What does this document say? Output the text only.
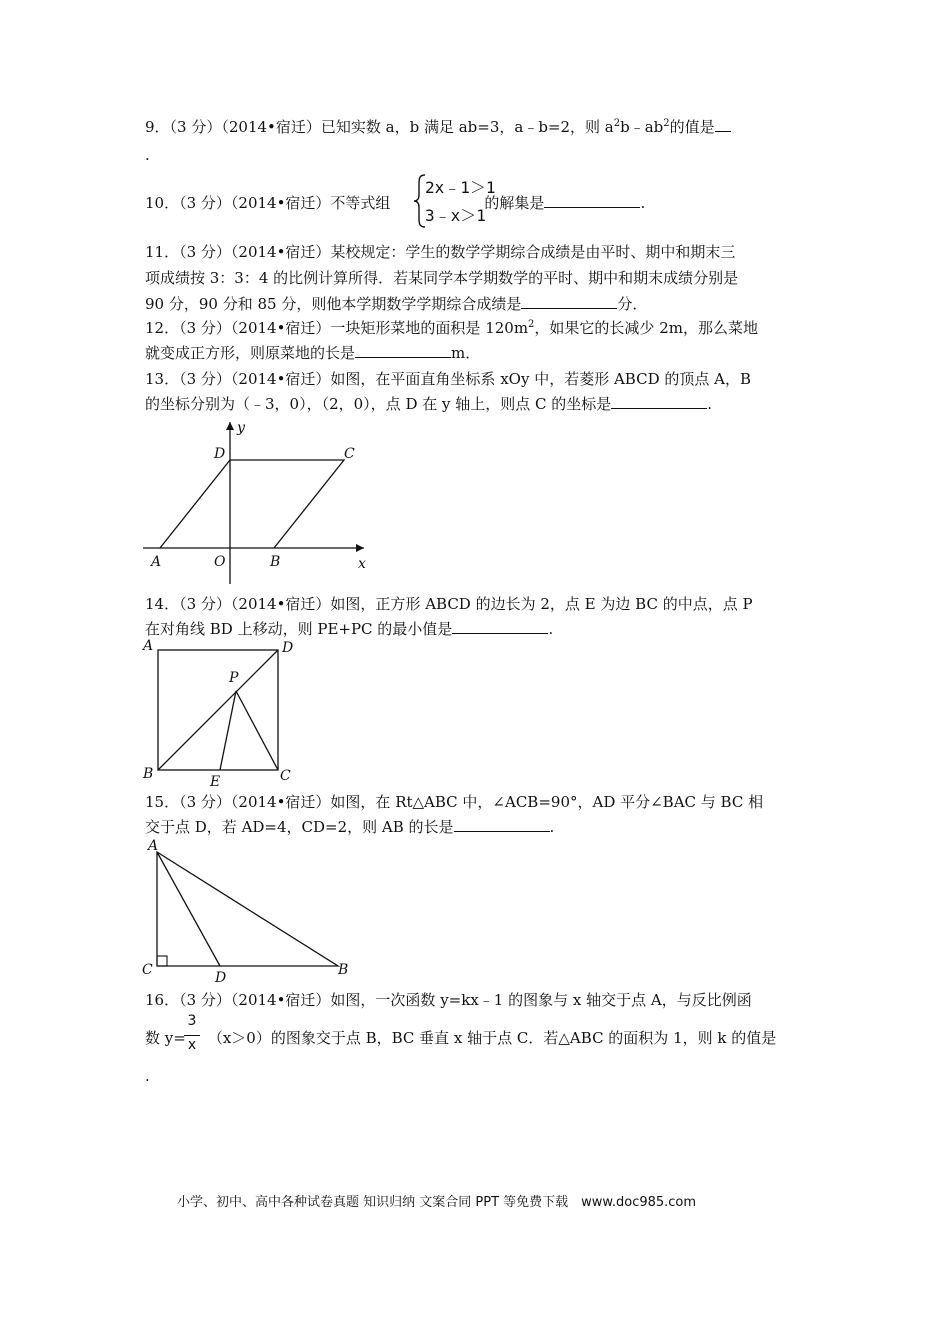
9．（3 分）（2014•宿迁）已知实数 a，b 满足 ab=3，a﹣b=2，则 $a^2b﹣ab^2$的值是
.
10．（3 分）（2014•宿迁）不等式组	的解集是	.
2x﹣1＞1
3﹣x＞1
11．（3 分）（2014•宿迁）某校规定：学生的数学学期综合成绩是由平时、期中和期末三
项成绩按 3：3：4 的比例计算所得．若某同学本学期数学的平时、期中和期末成绩分别是
90 分，90 分和 85 分，则他本学期数学学期综合成绩是	分．
12．（3 分）（2014•宿迁）一块矩形菜地的面积是 $120m^2$，如果它的长减少 2m，那么菜地
就变成正方形，则原菜地的长是	m．
13．（3 分）（2014•宿迁）如图，在平面直角坐标系 xOy 中，若菱形 ABCD 的顶点 A，B
的坐标分别为（﹣3，0），（2，0），点 D 在 y 轴上，则点 C 的坐标是	.
y
x
D	C
A	O	B
14．（3 分）（2014•宿迁）如图，正方形 ABCD 的边长为 2，点 E 为边 BC 的中点，点 P
在对角线 BD 上移动，则 PE+PC 的最小值是	.
A	D
P
B	E	C
15．（3 分）（2014•宿迁）如图，在 Rt△ABC 中，∠ACB=90°，AD 平分∠BAC 与 BC 相
交于点 D，若 AD=4，CD=2，则 AB 的长是	.
A
C	D	B
16．（3 分）（2014•宿迁）如图，一次函数 y=kx﹣1 的图象与 x 轴交于点 A，与反比例函
数 y= （x＞0）的图象交于点 B，BC 垂直 x 轴于点 C．若△ABC 的面积为 1，则 k 的值是
3
x
.
小学、初中、高中各种试卷真题 知识归纳 文案合同 PPT 等免费下载　www.doc985.com
